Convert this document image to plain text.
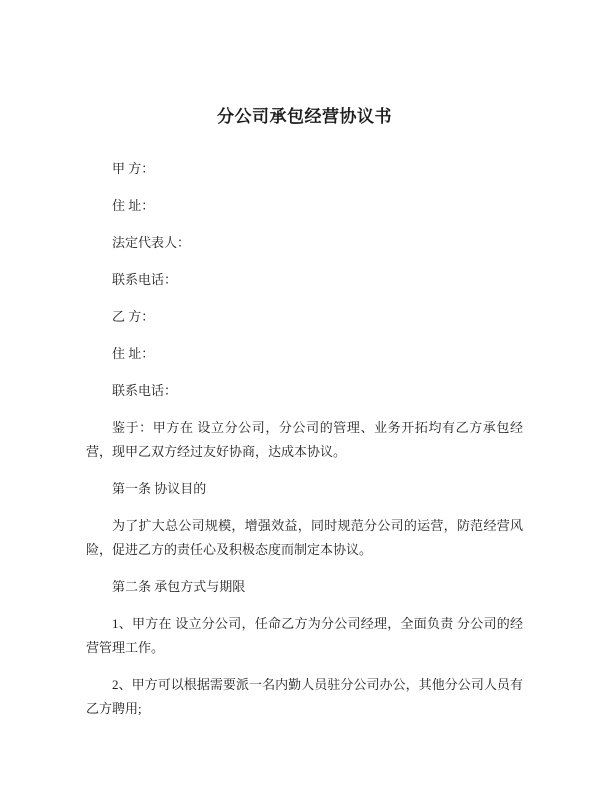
分公司承包经营协议书

甲 方：

住 址：

法定代表人：

联系电话：

乙 方：

住 址：

联系电话：

鉴于：甲方在 设立分公司，分公司的管理、业务开拓均有乙方承包经营，现甲乙双方经过友好协商，达成本协议。

第一条 协议目的

为了扩大总公司规模，增强效益，同时规范分公司的运营，防范经营风险，促进乙方的责任心及积极态度而制定本协议。

第二条 承包方式与期限

1、甲方在 设立分公司，任命乙方为分公司经理，全面负责 分公司的经营管理工作。

2、甲方可以根据需要派一名内勤人员驻分公司办公，其他分公司人员有乙方聘用;
